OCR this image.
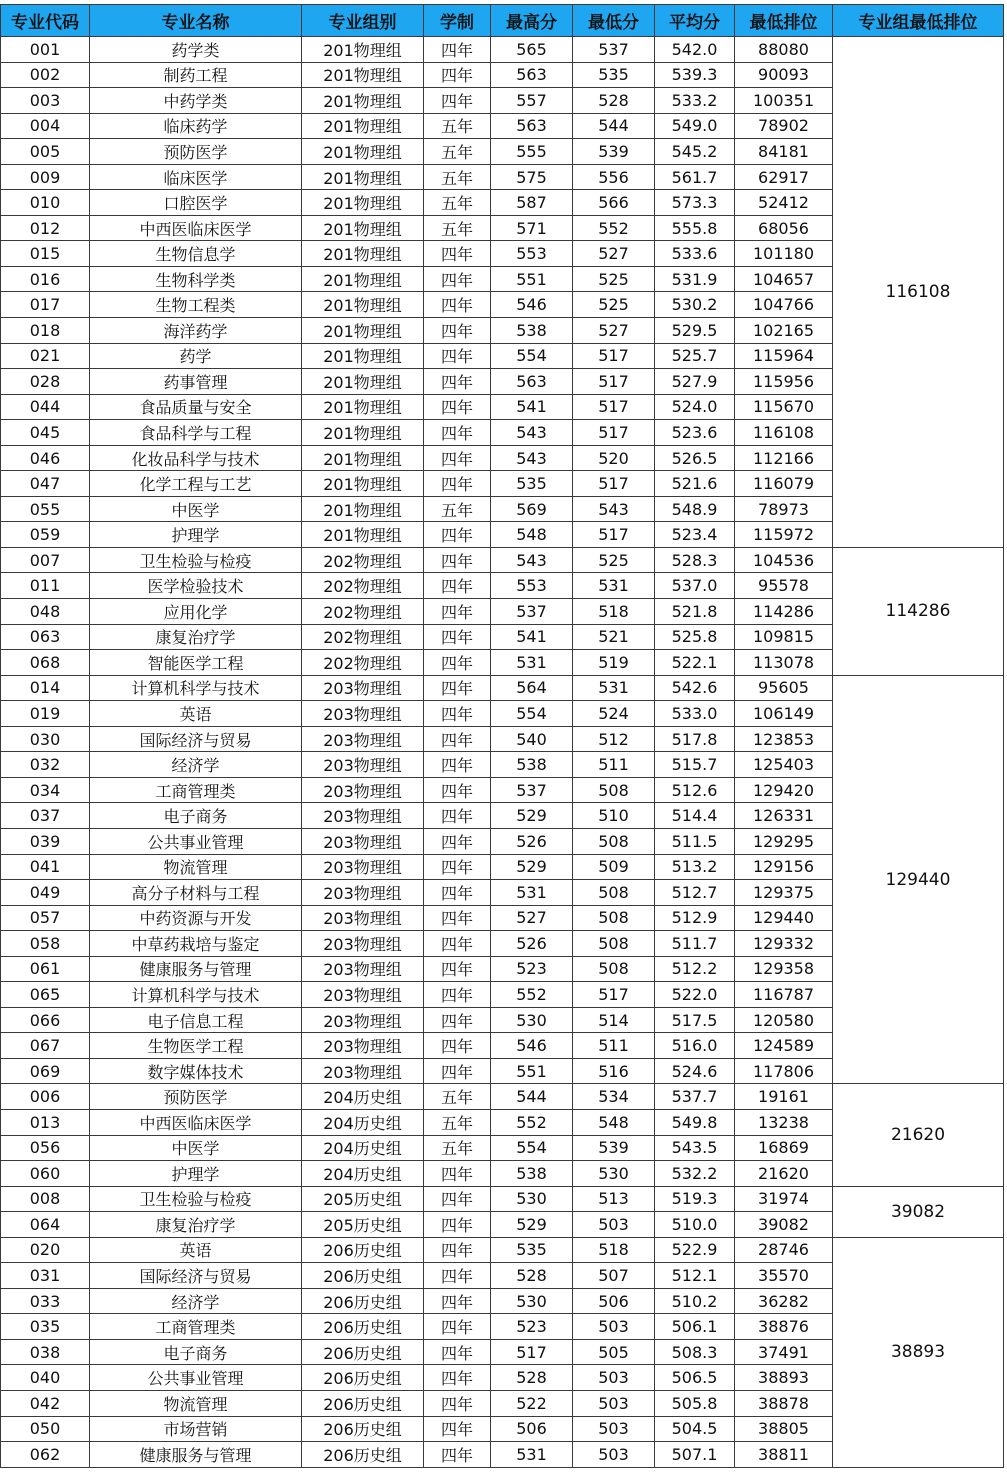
专业代码	专业名称	专业组别	学制	最高分	最低分	平均分	最低排位	专业组最低排位
001	药学类	201物理组	四年	565	537	542.0	88080	116108
002	制药工程	201物理组	四年	563	535	539.3	90093	
003	中药学类	201物理组	四年	557	528	533.2	100351	
004	临床药学	201物理组	五年	563	544	549.0	78902	
005	预防医学	201物理组	五年	555	539	545.2	84181	
009	临床医学	201物理组	五年	575	556	561.7	62917	
010	口腔医学	201物理组	五年	587	566	573.3	52412	
012	中西医临床医学	201物理组	五年	571	552	555.8	68056	
015	生物信息学	201物理组	四年	553	527	533.6	101180	
016	生物科学类	201物理组	四年	551	525	531.9	104657	
017	生物工程类	201物理组	四年	546	525	530.2	104766	
018	海洋药学	201物理组	四年	538	527	529.5	102165	
021	药学	201物理组	四年	554	517	525.7	115964	
028	药事管理	201物理组	四年	563	517	527.9	115956	
044	食品质量与安全	201物理组	四年	541	517	524.0	115670	
045	食品科学与工程	201物理组	四年	543	517	523.6	116108	
046	化妆品科学与技术	201物理组	四年	543	520	526.5	112166	
047	化学工程与工艺	201物理组	四年	535	517	521.6	116079	
055	中医学	201物理组	五年	569	543	548.9	78973	
059	护理学	201物理组	四年	548	517	523.4	115972	
007	卫生检验与检疫	202物理组	四年	543	525	528.3	104536	114286
011	医学检验技术	202物理组	四年	553	531	537.0	95578	
048	应用化学	202物理组	四年	537	518	521.8	114286	
063	康复治疗学	202物理组	四年	541	521	525.8	109815	
068	智能医学工程	202物理组	四年	531	519	522.1	113078	
014	计算机科学与技术	203物理组	四年	564	531	542.6	95605	129440
019	英语	203物理组	四年	554	524	533.0	106149	
030	国际经济与贸易	203物理组	四年	540	512	517.8	123853	
032	经济学	203物理组	四年	538	511	515.7	125403	
034	工商管理类	203物理组	四年	537	508	512.6	129420	
037	电子商务	203物理组	四年	529	510	514.4	126331	
039	公共事业管理	203物理组	四年	526	508	511.5	129295	
041	物流管理	203物理组	四年	529	509	513.2	129156	
049	高分子材料与工程	203物理组	四年	531	508	512.7	129375	
057	中药资源与开发	203物理组	四年	527	508	512.9	129440	
058	中草药栽培与鉴定	203物理组	四年	526	508	511.7	129332	
061	健康服务与管理	203物理组	四年	523	508	512.2	129358	
065	计算机科学与技术	203物理组	四年	552	517	522.0	116787	
066	电子信息工程	203物理组	四年	530	514	517.5	120580	
067	生物医学工程	203物理组	四年	546	511	516.0	124589	
069	数字媒体技术	203物理组	四年	551	516	524.6	117806	
006	预防医学	204历史组	五年	544	534	537.7	19161	21620
013	中西医临床医学	204历史组	五年	552	548	549.8	13238	
056	中医学	204历史组	五年	554	539	543.5	16869	
060	护理学	204历史组	四年	538	530	532.2	21620	
008	卫生检验与检疫	205历史组	四年	530	513	519.3	31974	39082
064	康复治疗学	205历史组	四年	529	503	510.0	39082	
020	英语	206历史组	四年	535	518	522.9	28746	38893
031	国际经济与贸易	206历史组	四年	528	507	512.1	35570	
033	经济学	206历史组	四年	530	506	510.2	36282	
035	工商管理类	206历史组	四年	523	503	506.1	38876	
038	电子商务	206历史组	四年	517	505	508.3	37491	
040	公共事业管理	206历史组	四年	528	503	506.5	38893	
042	物流管理	206历史组	四年	522	503	505.8	38878	
050	市场营销	206历史组	四年	506	503	504.5	38805	
062	健康服务与管理	206历史组	四年	531	503	507.1	38811	
